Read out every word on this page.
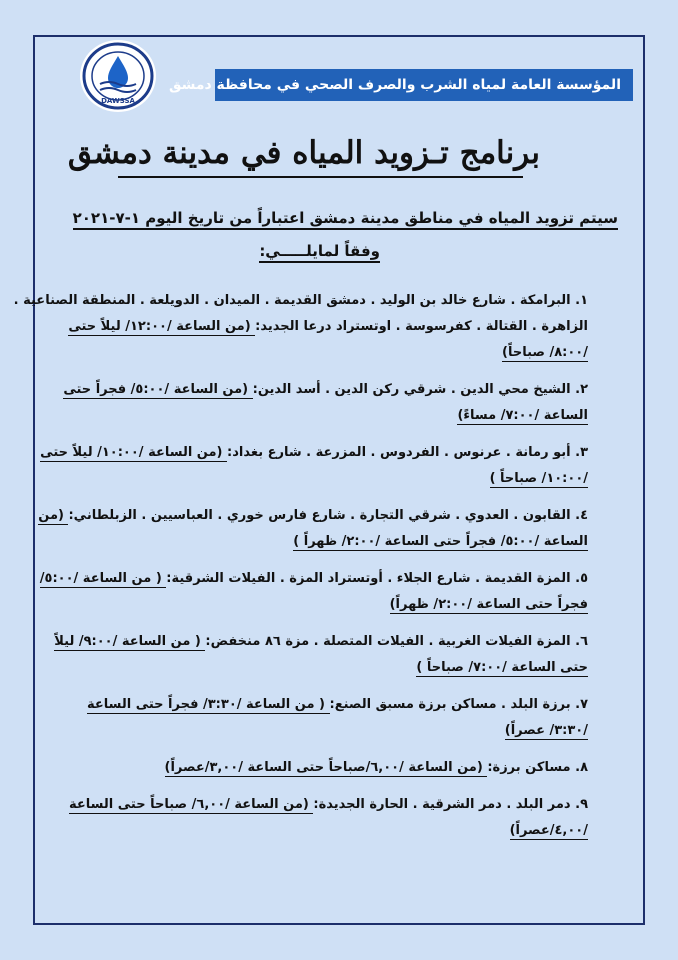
DAWSSA
المؤسسة العامة لمياه الشرب والصرف الصحي في محافظة دمشق
برنامج تـزويد المياه في مدينة دمشق
سيتم تزويد المياه في مناطق مدينة دمشق اعتباراً من تاريخ اليوم ١-٧-٢٠٢١
وفقاً لمايلـــــي:
١. البرامكة . شارع خالد بن الوليد . دمشق القديمة . الميدان . الدويلعة . المنطقة الصناعية .
الزاهرة . القتالة . كفرسوسة . اوتستراد درعا الجديد: (من الساعة /١٢:٠٠/ ليلاً حتى
/٨:٠٠/ صباحاً)
٢. الشيخ محي الدين . شرقي ركن الدين . أسد الدين: (من الساعة /٥:٠٠/ فجراً حتى
الساعة /٧:٠٠/ مساءً)
٣. أبو رمانة . عرنوس . الفردوس . المزرعة . شارع بغداد: (من الساعة /١٠:٠٠/ ليلاً حتى
/١٠:٠٠/ صباحاً )
٤. القابون . العدوي . شرقي التجارة . شارع فارس خوري . العباسيين . الزبلطاني: (من
الساعة /٥:٠٠/ فجراً حتى الساعة /٢:٠٠/ ظهراً )
٥. المزة القديمة . شارع الجلاء . أوتستراد المزة . الفيلات الشرقية: ( من الساعة /٥:٠٠/
فجراً حتى الساعة /٢:٠٠/ ظهراً)
٦. المزة الفيلات الغربية . الفيلات المتصلة . مزة ٨٦ منخفض: ( من الساعة /٩:٠٠/ ليلاً
حتى الساعة /٧:٠٠/ صباحاً )
٧. برزة البلد . مساكن برزة مسبق الصنع: ( من الساعة /٣:٣٠/ فجراً حتى الساعة
/٣:٣٠/ عصراً)
٨. مساكن برزة: (من الساعة /٦,٠٠/صباحاً حتى الساعة /٣,٠٠/عصراً)
٩. دمر البلد . دمر الشرقية . الحارة الجديدة: (من الساعة /٦,٠٠/ صباحاً حتى الساعة
/٤,٠٠/عصراً)
